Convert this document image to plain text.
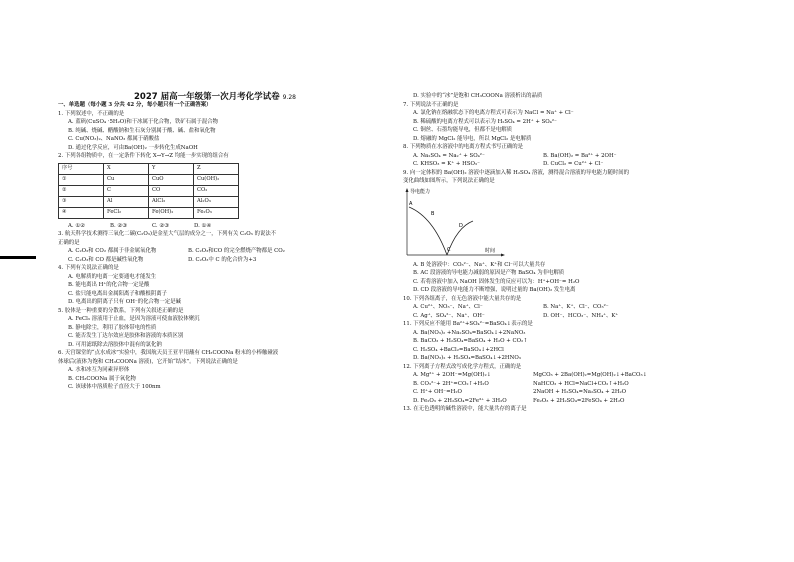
2027 届高一年级第一次月考化学试卷 9.28
一、单选题（每小题 3 分共 42 分，每小题只有一个正确答案）
1. 下列叙述中，不正确的是
A. 蓝矾(CuSO₄ ·5H₂O)和干冰属于化合物，铁矿石属于混合物
B. 纯碱、烧碱、醋酸钠和生石灰分别属于酸、碱、盐和氧化物
C. Cu(NO₃)₂、NaNO₃ 都属于硝酸盐
D. 通过化学反应，可由Ba(OH)₂ 一步转化生成NaOH
2. 下列各组物质中，在一定条件下转化 X→Y→Z 均能一步实现的组合有
序号	X	Y	Z
①	Cu	CuO	Cu(OH)₂
②	C	CO	CO₂
③	Al	AlCl₃	Al₂O₃
④	FeCl₂	Fe(OH)₂	Fe₂O₃
A. ①②	B. ②③	C. ②③	D. ①④
3. 航天科学技术测得三氧化二碳(C₂O₃)是金星大气层的成分之一，下列有关 C₂O₃ 的说法不
正确的是
A. C₂O₃和 CO₂ 都属于非金属氧化物	B. C₂O₃和CO 的完全燃烧产物都是 CO₂
C. C₂O₃和 CO 都是碱性氧化物	D. C₂O₃中 C 的化合价为+3
4. 下列有关说法正确的是
A. 电解质的电离一定要通电才能发生
B. 能电离出 H⁺的化合物一定是酸
C. 盐只能电离出金属阳离子和酸根阴离子
D. 电离出的阴离子只有 OH⁻的化合物一定是碱
5. 胶体是一种重要的分散系，下列有关叙述正确的是
A. FeCl₃ 溶液用于止血，是因为溶液可使血液胶体聚沉
B. 静电除尘，利用了胶体带电的性质
C. 能否发生丁达尔效应是胶体和溶液的本质区别
D. 可用滤纸除去溶胶体中混有的氯化钠
6. 天宫课堂的“点水成冰”实验中，我国航天员王亚平用蘸有 CH₃COONa 粉末的小棒触碰液
体球后(液体为饱和 CH₃COONa 溶液)，它开始“结冰”。下列说法正确的是
A. 水和冰互为同素异形体
B. CH₃COONa 属于氧化物
C. 该球体中溶质粒子直径大于 100nm
D. 实验中的“冰”是饱和 CH₃COONa 溶液析出的晶质
7. 下列说法不正确的是
A. 氯化钠在熔融状态下的电离方程式可表示为 NaCl = Na⁺ + Cl⁻
B. 稀硫酸的电离方程式可以表示为 H₂SO₄ = 2H⁺ + SO₄²⁻
C. 铜丝、石墨均能导电，但都不是电解质
D. 熔融的 MgCl₂ 能导电，所以 MgCl₂ 是电解质
8. 下列物质在水溶液中的电离方程式书写正确的是
A. Na₂SO₄ = Na₂⁺ + SO₄²⁻	B. Ba(OH)₂ = Ba²⁺ + 2OH⁻
C. KHSO₃ = K⁺ + HSO₃⁻	D. CuCl₂ = Cu²⁺ + Cl⁻
9. 向一定体积的 Ba(OH)₂ 溶液中逐滴加入稀 H₂SO₄ 溶液，测得混合溶液的导电能力随时间的
变化曲线如图所示，下列说法正确的是
导电能力
时间
A
B
C
D
A. B 处溶液中：CO₃²⁻、Na⁺、K⁺和 Cl⁻可以大量共存
B. AC 段溶液的导电能力减弱的原因是产物 BaSO₄ 为非电解质
C. 若将溶液中加入 NaOH 固体发生的反应可以为：H⁺+OH⁻= H₂O
D. CD 段溶液的导电能力不断增强，说明过量的 Ba(OH)₂ 发生电离
10. 下列各组离子，在无色溶液中能大量共存的是
A. Cu²⁺、NO₃⁻、Na⁺、Cl⁻	B. Na⁺、K⁺、Cl⁻、CO₃²⁻
C. Ag⁺、SO₄²⁻、Na⁺、OH⁻	D. OH⁻、HCO₃⁻、NH₄⁺、K⁺
11. 下列反应不能用 Ba²⁺+SO₄²⁻=BaSO₄↓表示的是
A. Ba(NO₃)₂ +Na₂SO₄=BaSO₄↓+2NaNO₃
B. BaCO₃ + H₂SO₄=BaSO₄ + H₂O + CO₂↑
C. H₂SO₄ +BaCl₂=BaSO₄↓+2HCl
D. Ba(NO₃)₂ + H₂SO₄=BaSO₄↓+2HNO₃
12. 下列离子方程式改写成化学方程式，正确的是
A. Mg²⁺ + 2OH⁻=Mg(OH)₂↓	MgCO₃ + 2Ba(OH)₂=Mg(OH)₂↓+BaCO₃↓
B. CO₃²⁻+ 2H⁺=CO₂↑+H₂O	NaHCO₃ + HCl=NaCl+CO₂↑+H₂O
C. H⁺+ OH⁻=H₂O	2NaOH + H₂SO₄=Na₂SO₄ + 2H₂O
D. Fe₂O₃ + 2H₂SO₄=2Fe³⁺ + 3H₂O	Fe₂O₃ + 2H₂SO₄=2FeSO₄ + 2H₂O
13. 在无色透明的碱性溶液中，能大量共存的离子是
